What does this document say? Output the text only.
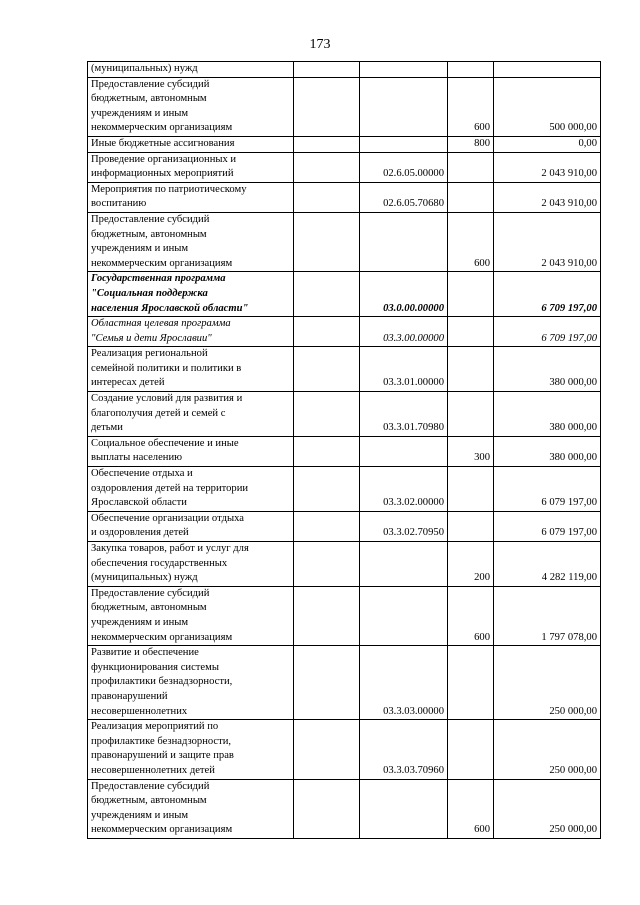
173
(муниципальных) нужд				
Предоставление субсидий
бюджетным, автономным
учреждениям и иным
некоммерческим организациям			600	500 000,00
Иные бюджетные ассигнования			800	0,00
Проведение организационных и
информационных мероприятий		02.6.05.00000		2 043 910,00
Мероприятия по патриотическому
воспитанию		02.6.05.70680		2 043 910,00
Предоставление субсидий
бюджетным, автономным
учреждениям и иным
некоммерческим организациям			600	2 043 910,00
Государственная программа
"Социальная поддержка
населения Ярославской области"		03.0.00.00000		6 709 197,00
Областная целевая программа
"Семья и дети Ярославии"		03.3.00.00000		6 709 197,00
Реализация региональной
семейной политики и политики в
интересах детей		03.3.01.00000		380 000,00
Создание условий для развития и
благополучия детей и семей с
детьми		03.3.01.70980		380 000,00
Социальное обеспечение и иные
выплаты населению			300	380 000,00
Обеспечение отдыха и
оздоровления детей на территории
Ярославской области		03.3.02.00000		6 079 197,00
Обеспечение организации отдыха
и оздоровления детей		03.3.02.70950		6 079 197,00
Закупка товаров, работ и услуг для
обеспечения государственных
(муниципальных) нужд			200	4 282 119,00
Предоставление субсидий
бюджетным, автономным
учреждениям и иным
некоммерческим организациям			600	1 797 078,00
Развитие и обеспечение
функционирования системы
профилактики безнадзорности,
правонарушений
несовершеннолетних		03.3.03.00000		250 000,00
Реализация мероприятий по
профилактике безнадзорности,
правонарушений и защите прав
несовершеннолетних детей		03.3.03.70960		250 000,00
Предоставление субсидий
бюджетным, автономным
учреждениям и иным
некоммерческим организациям			600	250 000,00
